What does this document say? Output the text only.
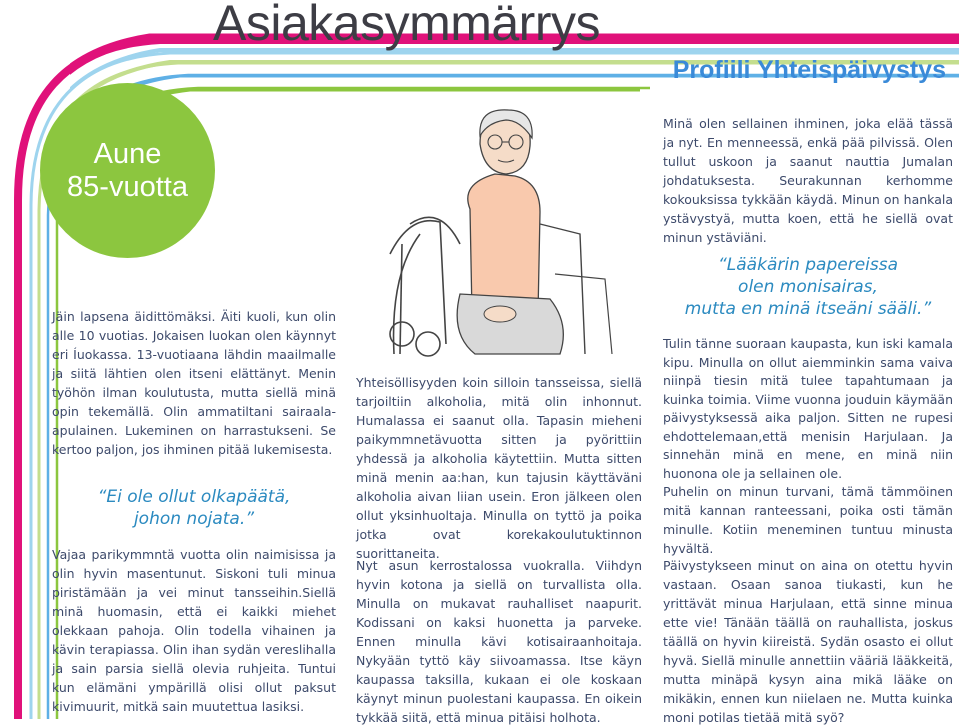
Asiakasymmärrys
Profiili Yhteispäivystys
Aune
85-vuotta

Jäin lapsena äidittömäksi. Äiti kuoli, kun olin alle 10 vuotias. Jokaisen luokan olen käynnyt eri Íuokassa. 13-vuotiaana lähdin maailmalle ja siitä lähtien olen itseni elättänyt. Menin työhön ilman koulutusta, mutta siellä minä opin tekemällä. Olin ammatiltani sairaala-apulainen. Lukeminen on harrastukseni. Se kertoo paljon, jos ihminen pitää lukemisesta.

“Ei ole ollut olkapäätä,

johon nojata.”

Vajaa parikymmntä vuotta olin naimisissa ja olin hyvin masentunut. Siskoni tuli minua piristämään ja vei minut tansseihin.Siellä minä huomasin, että ei kaikki miehet olekkaan pahoja. Olin todella vihainen ja kävin terapiassa. Olin ihan sydän vereslihalla ja sain parsia siellä olevia ruhjeita. Tuntui kun elämäni ympärillä olisi ollut paksut kivimuurit, mitkä sain muutettua lasiksi.

Yhteisöllisyyden koin silloin tansseissa, siellä tarjoiltiin alkoholia, mitä olin inhonnut. Humalassa ei saanut olla. Tapasin mieheni paikymmnetävuotta sitten ja pyörittiin yhdessä ja alkoholia käytettiin. Mutta sitten minä menin aa:han, kun tajusin käyttäväni alkoholia aivan liian usein. Eron jälkeen olen ollut yksinhuoltaja. Minulla on tyttö ja poika jotka ovat korekakoulutuktinnon suorittaneita.

Nyt asun kerrostalossa vuokralla. Viihdyn hyvin kotona ja siellä on turvallista olla. Minulla on mukavat rauhalliset naapurit. Kodissani on kaksi huonetta ja parveke. Ennen minulla kävi kotisairaanhoitaja. Nykyään tyttö käy siivoamassa. Itse käyn kaupassa taksilla, kukaan ei ole koskaan käynyt minun puolestani kaupassa. En oikein tykkää siitä, että minua pitäisi holhota.

Minä olen sellainen ihminen, joka elää tässä ja nyt. En menneessä, enkä pää pilvissä. Olen tullut uskoon ja saanut nauttia Jumalan johdatuksesta. Seurakunnan kerhomme kokouksissa tykkään käydä. Minun on hankala ystävystyä, mutta koen, että he siellä ovat minun ystäviäni.

“Lääkärin papereissa

olen monisairas,

mutta en minä itseäni sääli.”

Tulin tänne suoraan kaupasta, kun iski kamala kipu. Minulla on ollut aiemminkin sama vaiva niinpä tiesin mitä tulee tapahtumaan ja kuinka toimia. Viime vuonna jouduin käymään päivystyksessä aika paljon. Sitten ne rupesi ehdottelemaan,että menisin Harjulaan. Ja sinnehän minä en mene, en minä niin huonona ole ja sellainen ole.

Puhelin on minun turvani, tämä tämmöinen mitä kannan ranteessani, poika osti tämän minulle. Kotiin meneminen tuntuu minusta hyvältä.

Päivystykseen minut on aina on otettu hyvin vastaan. Osaan sanoa tiukasti, kun he yrittävät minua Harjulaan, että sinne minua ette vie! Tänään täällä on rauhallista, joskus täällä on hyvin kiireistä. Sydän osasto ei ollut hyvä. Siellä minulle annettiin vääriä lääkkeitä, mutta minäpä kysyn aina mikä lääke on mikäkin, ennen kun niielaen ne. Mutta kuinka moni potilas tietää mitä syö?
